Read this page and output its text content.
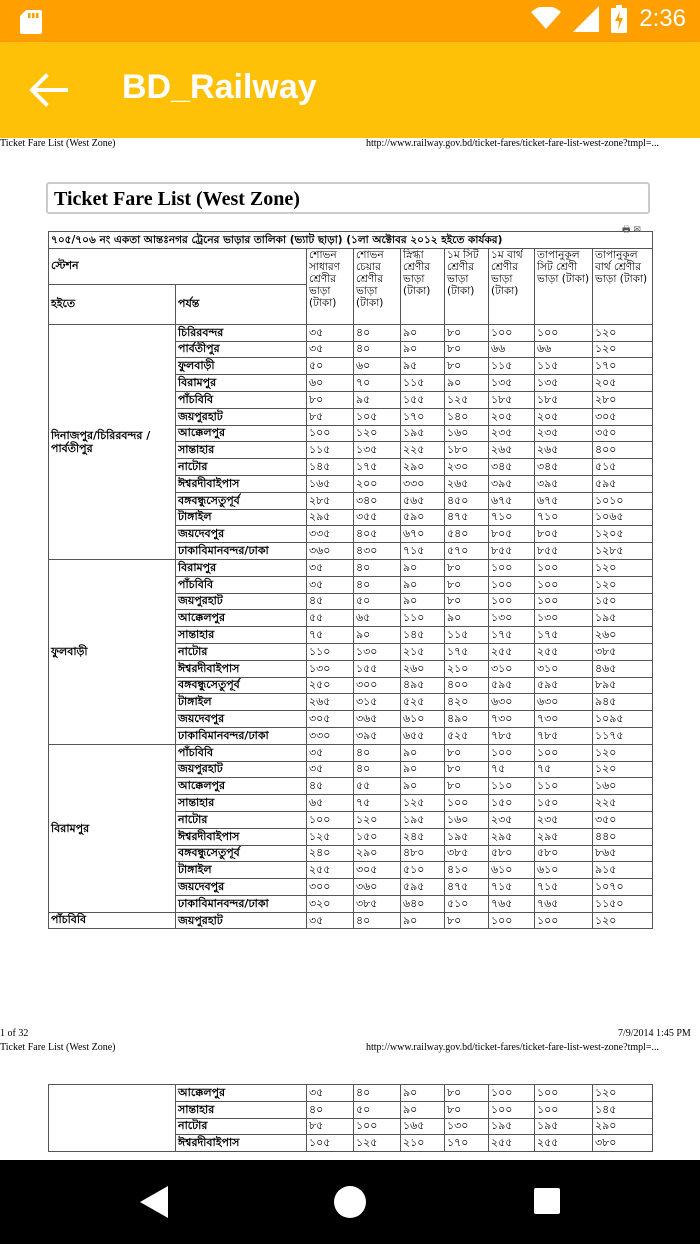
2:36
BD_Railway
Ticket Fare List (West Zone)	http://www.railway.gov.bd/ticket-fares/ticket-fare-list-west-zone?tmpl=...
Ticket Fare List (West Zone)
🖶 ✉
৭০৫/৭০৬ নং একতা আন্তঃনগর ট্রেনের ভাড়ার তালিকা (ভ্যাট ছাড়া) (১লা অক্টোবর ২০১২ হইতে কার্যকর)								
স্টেশন		শোভন সাধারণ শ্রেণীর ভাড়া (টাকা)	শোভন চেয়ার শ্রেণীর ভাড়া (টাকা)	স্নিগ্ধা শ্রেণীর ভাড়া (টাকা)	১ম সিট শ্রেণীর ভাড়া (টাকা)	১ম বার্থ শ্রেণীর ভাড়া (টাকা)	তাপানুকূল সিট শ্রেণী ভাড়া (টাকা)	তাপানুকূল বার্থ শ্রেণীর ভাড়া (টাকা)
হইতে	পর্যন্ত							
দিনাজপুর/চিরিরবন্দর /পার্বতীপুর	চিরিরবন্দর	৩৫	৪০	৯০	৮০	১০০	১০০	১২০
	পার্বতীপুর	৩৫	৪০	৯০	৮০	৬৬	৬৬	১২০
	ফুলবাড়ী	৫০	৬০	৯৫	৮০	১১৫	১১৫	১৭০
	বিরামপুর	৬০	৭০	১১৫	৯০	১৩৫	১৩৫	২০৫
	পাঁচবিবি	৮০	৯৫	১৫৫	১২৫	১৮৫	১৮৫	২৮০
	জয়পুরহাট	৮৫	১০৫	১৭০	১৪০	২০৫	২০৫	৩০৫
	আক্কেলপুর	১০০	১২০	১৯৫	১৬০	২৩৫	২৩৫	৩৫০
	সান্তাহার	১১৫	১৩৫	২২৫	১৮০	২৬৫	২৬৫	৪০০
	নাটোর	১৪৫	১৭৫	২৯০	২৩০	৩৪৫	৩৪৫	৫১৫
	ঈশ্বরদীবাইপাস	১৬৫	২০০	৩৩০	২৬৫	৩৯৫	৩৯৫	৫৯৫
	বঙ্গবন্ধুসেতুপূর্ব	২৮৫	৩৪০	৫৬৫	৪৫০	৬৭৫	৬৭৫	১০১০
	টাঙ্গাইল	২৯৫	৩৫৫	৫৯০	৪৭৫	৭১০	৭১০	১০৬৫
	জয়দেবপুর	৩৩৫	৪০৫	৬৭০	৫৪০	৮০৫	৮০৫	১২০৫
	ঢাকাবিমানবন্দর/ঢাকা	৩৬০	৪৩০	৭১৫	৫৭০	৮৫৫	৮৫৫	১২৮৫
ফুলবাড়ী	বিরামপুর	৩৫	৪০	৯০	৮০	১০০	১০০	১২০
	পাঁচবিবি	৩৫	৪০	৯০	৮০	১০০	১০০	১২০
	জয়পুরহাট	৪৫	৫০	৯০	৮০	১০০	১০০	১৫০
	আক্কেলপুর	৫৫	৬৫	১১০	৯০	১৩০	১৩০	১৯৫
	সান্তাহার	৭৫	৯০	১৪৫	১১৫	১৭৫	১৭৫	২৬০
	নাটোর	১১০	১৩০	২১৫	১৭৫	২৫৫	২৫৫	৩৮৫
	ঈশ্বরদীবাইপাস	১৩০	১৫৫	২৬০	২১০	৩১০	৩১০	৪৬৫
	বঙ্গবন্ধুসেতুপূর্ব	২৫০	৩০০	৪৯৫	৪০০	৫৯৫	৫৯৫	৮৯৫
	টাঙ্গাইল	২৬৫	৩১৫	৫২৫	৪২০	৬৩০	৬৩০	৯৪৫
	জয়দেবপুর	৩০৫	৩৬৫	৬১০	৪৯০	৭৩০	৭৩০	১০৯৫
	ঢাকাবিমানবন্দর/ঢাকা	৩৩০	৩৯৫	৬৫৫	৫২৫	৭৮৫	৭৮৫	১১৭৫
বিরামপুর	পাঁচবিবি	৩৫	৪০	৯০	৮০	১০০	১০০	১২০
	জয়পুরহাট	৩৫	৪০	৯০	৮০	৭৫	৭৫	১২০
	আক্কেলপুর	৪৫	৫৫	৯০	৮০	১১০	১১০	১৬০
	সান্তাহার	৬৫	৭৫	১২৫	১০০	১৫০	১৫০	২২৫
	নাটোর	১০০	১২০	১৯৫	১৬০	২৩৫	২৩৫	৩৫০
	ঈশ্বরদীবাইপাস	১২৫	১৫০	২৪৫	১৯৫	২৯৫	২৯৫	৪৪০
	বঙ্গবন্ধুসেতুপূর্ব	২৪০	২৯০	৪৮০	৩৮৫	৫৮০	৫৮০	৮৬৫
	টাঙ্গাইল	২৫৫	৩০৫	৫১০	৪১০	৬১০	৬১০	৯১৫
	জয়দেবপুর	৩০০	৩৬০	৫৯৫	৪৭৫	৭১৫	৭১৫	১০৭০
	ঢাকাবিমানবন্দর/ঢাকা	৩২০	৩৮৫	৬৪০	৫১০	৭৬৫	৭৬৫	১১৫০
পাঁচবিবি	জয়পুরহাট	৩৫	৪০	৯০	৮০	১০০	১০০	১২০
1 of 32	7/9/2014 1:45 PM
Ticket Fare List (West Zone)	http://www.railway.gov.bd/ticket-fares/ticket-fare-list-west-zone?tmpl=...
	আক্কেলপুর	৩৫	৪০	৯০	৮০	১০০	১০০	১২০
	সান্তাহার	৪০	৫০	৯০	৮০	১০০	১০০	১৪৫
	নাটোর	৮৫	১০০	১৬৫	১৩০	১৯৫	১৯৫	২৯০
	ঈশ্বরদীবাইপাস	১০৫	১২৫	২১০	১৭০	২৫৫	২৫৫	৩৮০
